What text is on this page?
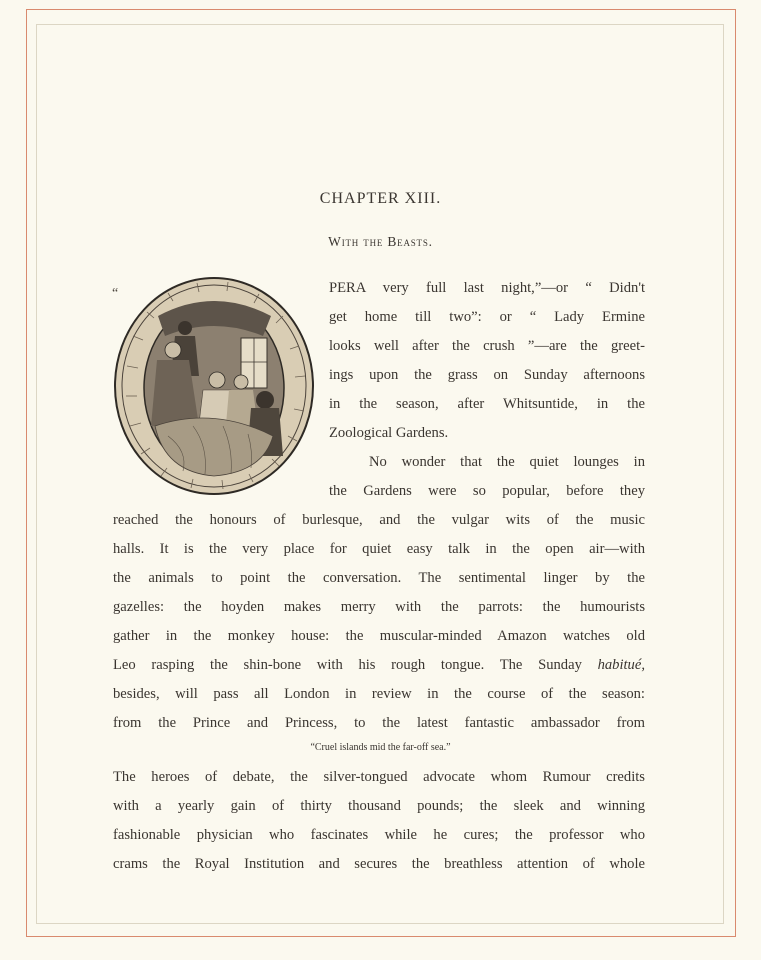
CHAPTER XIII.
With the Beasts.
“	PERA very full last night,”—or “ Didn't
get home till two”: or “ Lady Ermine
looks well after the crush ”—are the greet-
ings upon the grass on Sunday afternoons
in the season, after Whitsuntide, in the
Zoological Gardens.
No wonder that the quiet lounges in
the Gardens were so popular, before they
reached the honours of burlesque, and the vulgar wits of the music
halls. It is the very place for quiet easy talk in the open air—with
the animals to point the conversation. The sentimental linger by the
gazelles: the hoyden makes merry with the parrots: the humourists
gather in the monkey house: the muscular-minded Amazon watches old
Leo rasping the shin-bone with his rough tongue. The Sunday habitué,
besides, will pass all London in review in the course of the season:
from the Prince and Princess, to the latest fantastic ambassador from
“Cruel islands mid the far-off sea.”
The heroes of debate, the silver-tongued advocate whom Rumour credits
with a yearly gain of thirty thousand pounds; the sleek and winning
fashionable physician who fascinates while he cures; the professor who
crams the Royal Institution and secures the breathless attention of whole
